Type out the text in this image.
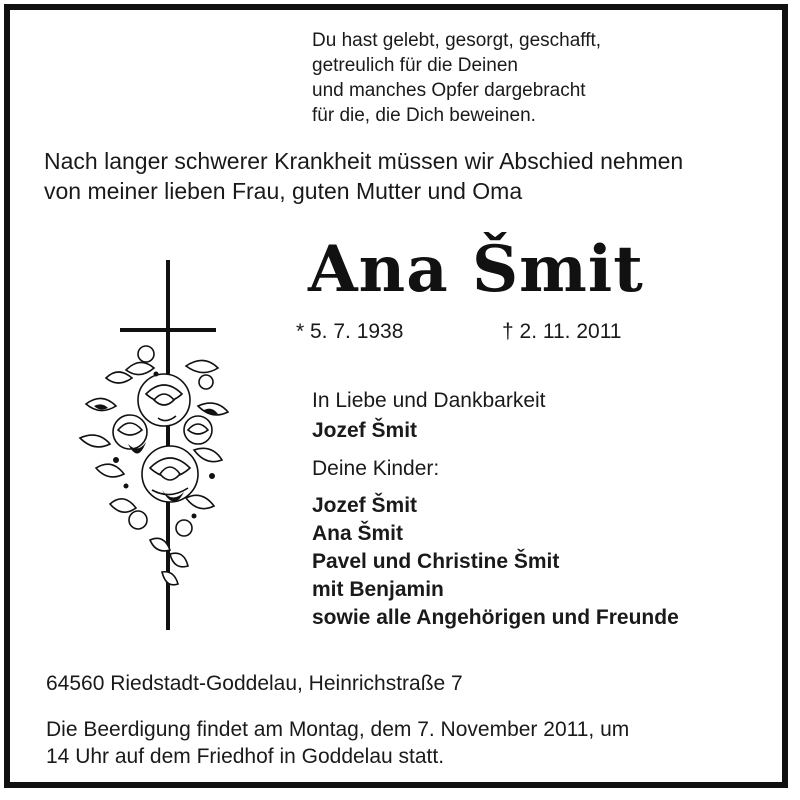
Du hast gelebt, gesorgt, geschafft,
getreulich für die Deinen
und manches Opfer dargebracht
für die, die Dich beweinen.
Nach langer schwerer Krankheit müssen wir Abschied nehmen
von meiner lieben Frau, guten Mutter und Oma
Ana Šmit
* 5. 7. 1938	† 2. 11. 2011
In Liebe und Dankbarkeit
Jozef Šmit
Deine Kinder:
Jozef Šmit
Ana Šmit
Pavel und Christine Šmit
mit Benjamin
sowie alle Angehörigen und Freunde
64560 Riedstadt-Goddelau, Heinrichstraße 7
Die Beerdigung findet am Montag, dem 7. November 2011, um
14 Uhr auf dem Friedhof in Goddelau statt.
